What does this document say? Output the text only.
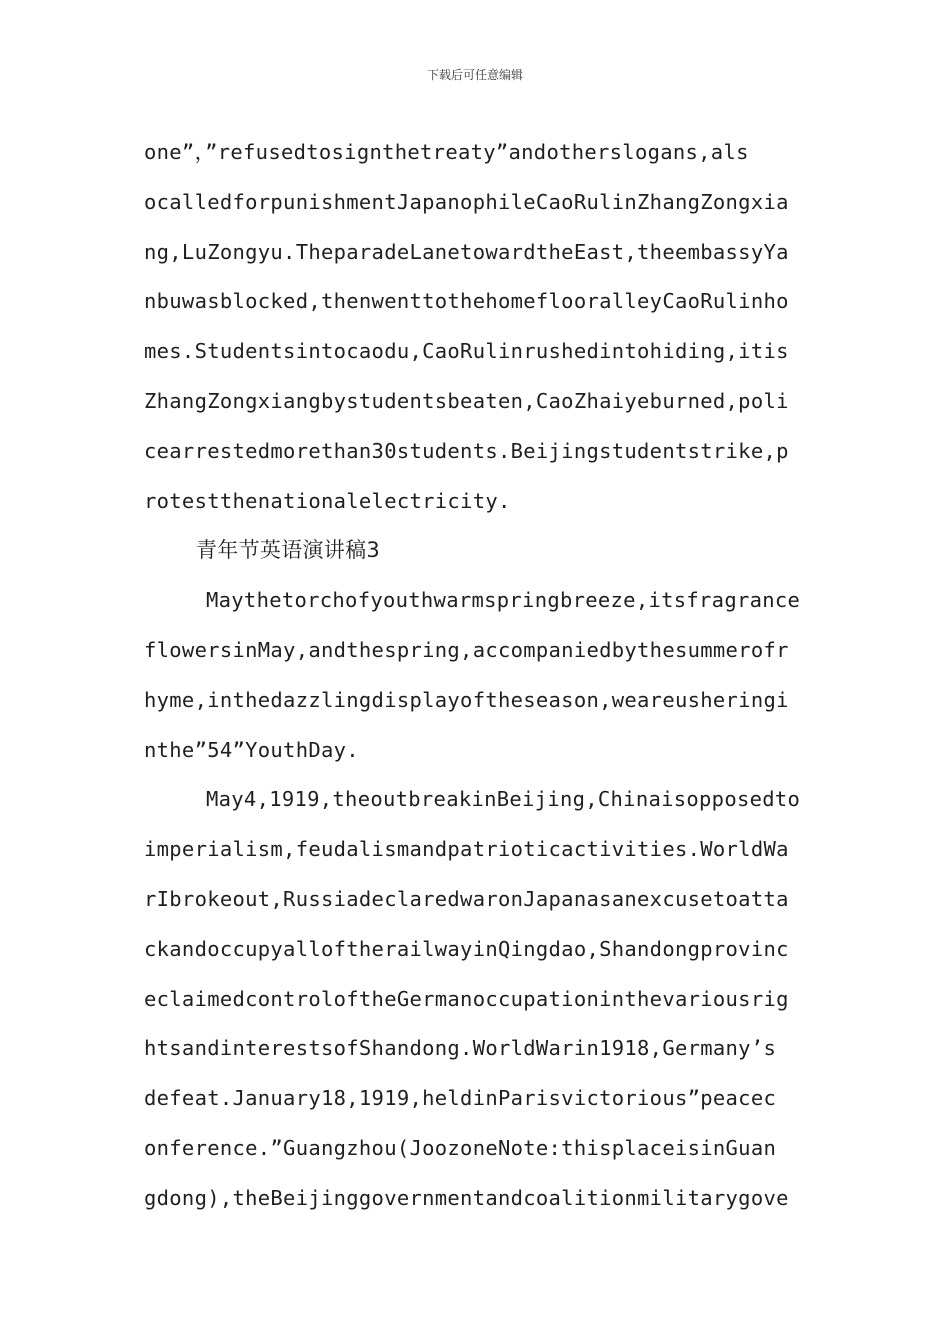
下载后可任意编辑
one”，”refusedtosignthetreaty”andotherslogans,als
ocalledforpunishmentJapanophileCaoRulinZhangZongxia
ng,LuZongyu.TheparadeLanetowardtheEast,theembassyYa
nbuwasblocked,thenwenttothehomeflooralleyCaoRulinho
mes.Studentsintocaodu,CaoRulinrushedintohiding,itis
ZhangZongxiangbystudentsbeaten,CaoZhaiyeburned,poli
cearrestedmorethan30students.Beijingstudentstrike,p
rotestthenationalelectricity.
青年节英语演讲稿3
Maythetorchofyouthwarmspringbreeze,itsfragrance
flowersinMay,andthespring,accompaniedbythesummerofr
hyme,inthedazzlingdisplayoftheseason,weareusheringi
nthe”54”YouthDay.
May4,1919,theoutbreakinBeijing,Chinaisopposedto
imperialism,feudalismandpatrioticactivities.WorldWa
rIbrokeout,RussiadeclaredwaronJapanasanexcusetoatta
ckandoccupyalloftherailwayinQingdao,Shandongprovinc
eclaimedcontroloftheGermanoccupationinthevariousrig
htsandinterestsofShandong.WorldWarin1918,Germany’s
defeat.January18,1919,heldinParisvictorious”peacec
onference.”Guangzhou(JoozoneNote:thisplaceisinGuan
gdong),theBeijinggovernmentandcoalitionmilitarygove
